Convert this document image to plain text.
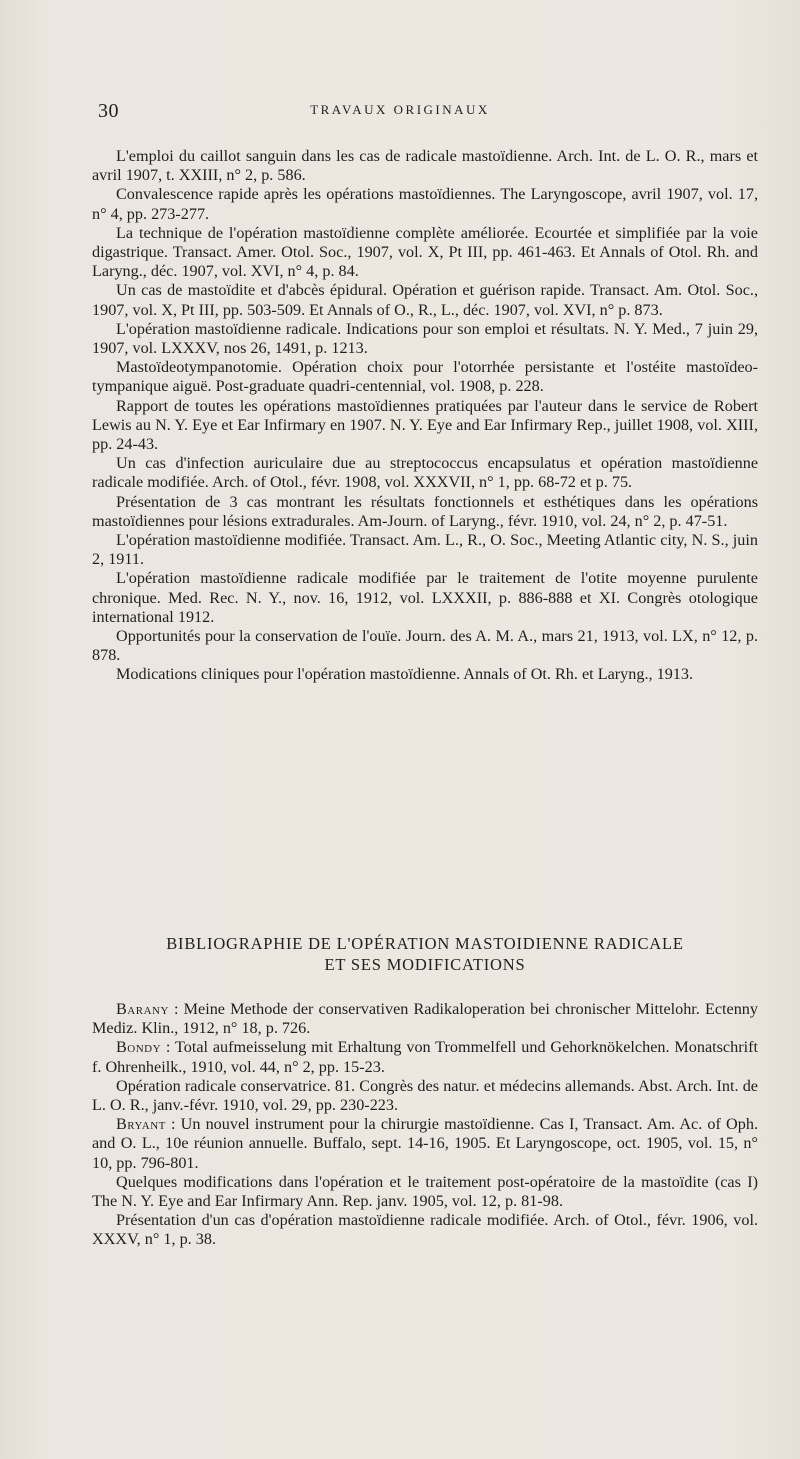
30	TRAVAUX ORIGINAUX

L'emploi du caillot sanguin dans les cas de radicale mastoïdienne. Arch. Int. de L. O. R., mars et avril 1907, t. XXIII, n° 2, p. 586.

Convalescence rapide après les opérations mastoïdiennes. The Laryngoscope, avril 1907, vol. 17, n° 4, pp. 273-277.

La technique de l'opération mastoïdienne complète améliorée. Ecourtée et simplifiée par la voie digastrique. Transact. Amer. Otol. Soc., 1907, vol. X, Pt III, pp. 461-463. Et Annals of Otol. Rh. and Laryng., déc. 1907, vol. XVI, n° 4, p. 84.

Un cas de mastoïdite et d'abcès épidural. Opération et guérison rapide. Transact. Am. Otol. Soc., 1907, vol. X, Pt III, pp. 503-509. Et Annals of O., R., L., déc. 1907, vol. XVI, n° p. 873.

L'opération mastoïdienne radicale. Indications pour son emploi et résultats. N. Y. Med., 7 juin 29, 1907, vol. LXXXV, nos 26, 1491, p. 1213.

Mastoïdeotympanotomie. Opération choix pour l'otorrhée persistante et l'ostéite mastoïdeo-tympanique aiguë. Post-graduate quadri-centennial, vol. 1908, p. 228.

Rapport de toutes les opérations mastoïdiennes pratiquées par l'auteur dans le service de Robert Lewis au N. Y. Eye et Ear Infirmary en 1907. N. Y. Eye and Ear Infirmary Rep., juillet 1908, vol. XIII, pp. 24-43.

Un cas d'infection auriculaire due au streptococcus encapsulatus et opération mastoïdienne radicale modifiée. Arch. of Otol., févr. 1908, vol. XXXVII, n° 1, pp. 68-72 et p. 75.

Présentation de 3 cas montrant les résultats fonctionnels et esthétiques dans les opérations mastoïdiennes pour lésions extradurales. Am-Journ. of Laryng., févr. 1910, vol. 24, n° 2, p. 47-51.

L'opération mastoïdienne modifiée. Transact. Am. L., R., O. Soc., Meeting Atlantic city, N. S., juin 2, 1911.

L'opération mastoïdienne radicale modifiée par le traitement de l'otite moyenne purulente chronique. Med. Rec. N. Y., nov. 16, 1912, vol. LXXXII, p. 886-888 et XI. Congrès otologique international 1912.

Opportunités pour la conservation de l'ouïe. Journ. des A. M. A., mars 21, 1913, vol. LX, n° 12, p. 878.

Modications cliniques pour l'opération mastoïdienne. Annals of Ot. Rh. et Laryng., 1913.

BIBLIOGRAPHIE DE L'OPÉRATION MASTOIDIENNE RADICALE
ET SES MODIFICATIONS

Barany : Meine Methode der conservativen Radikaloperation bei chronischer Mittelohr. Ectenny Mediz. Klin., 1912, n° 18, p. 726.

Bondy : Total aufmeisselung mit Erhaltung von Trommelfell und Gehorknökelchen. Monatschrift f. Ohrenheilk., 1910, vol. 44, n° 2, pp. 15-23.

Opération radicale conservatrice. 81. Congrès des natur. et médecins allemands. Abst. Arch. Int. de L. O. R., janv.-févr. 1910, vol. 29, pp. 230-223.

Bryant : Un nouvel instrument pour la chirurgie mastoïdienne. Cas I, Transact. Am. Ac. of Oph. and O. L., 10e réunion annuelle. Buffalo, sept. 14-16, 1905. Et Laryngoscope, oct. 1905, vol. 15, n° 10, pp. 796-801.

Quelques modifications dans l'opération et le traitement post-opératoire de la mastoïdite (cas I) The N. Y. Eye and Ear Infirmary Ann. Rep. janv. 1905, vol. 12, p. 81-98.

Présentation d'un cas d'opération mastoïdienne radicale modifiée. Arch. of Otol., févr. 1906, vol. XXXV, n° 1, p. 38.
